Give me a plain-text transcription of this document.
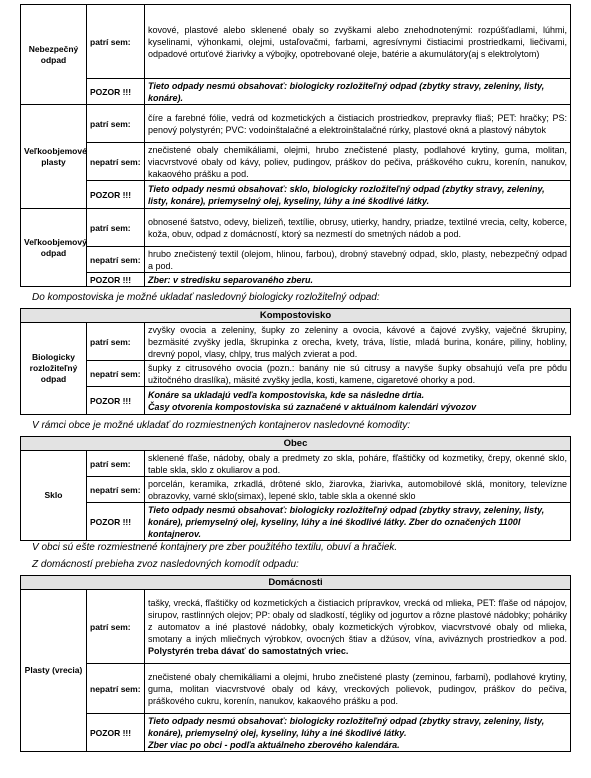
Nebezpečný odpad	patrí sem:	kovové, plastové alebo sklenené obaly so zvyškami alebo znehodnotenými: rozpúšťadlami, lúhmi, kyselinami, výhonkami, olejmi, ustaľovačmi, farbami, agresívnymi čistiacimi prostriedkami, liečivami, odpadové ortuťové žiarivky a výbojky, opotrebované oleje, batérie a akumulátory(aj s elektrolytom)
	POZOR !!!	Tieto odpady nesmú obsahovať: biologicky rozložiteľný odpad (zbytky stravy, zeleniny, listy, konáre).
Veľkoobjemové plasty	patrí sem:	číre a farebné fólie, vedrá od kozmetických a čistiacich prostriedkov, prepravky fliaš; PET: hračky; PS: penový polystyrén; PVC: vodoinštalačné a elektroinštalačné rúrky, plastové okná a plastový nábytok
	nepatrí sem:	znečistené obaly chemikáliami, olejmi, hrubo znečistené plasty, podlahové krytiny, guma, molitan, viacvrstvové obaly od kávy, poliev, pudingov, práškov do pečiva, práškového cukru, korenín, nanukov, kakaového prášku a pod.
	POZOR !!!	Tieto odpady nesmú obsahovať: sklo, biologicky rozložiteľný odpad (zbytky stravy, zeleniny, listy, konáre), priemyselný olej, kyseliny, lúhy a iné škodlivé látky.
Veľkoobjemový odpad	patrí sem:	obnosené šatstvo, odevy, bielizeň, textílie, obrusy, utierky, handry, priadze, textilné vrecia, celty, koberce, koža, obuv, odpad z domácností, ktorý sa nezmestí do smetných nádob a pod.
	nepatrí sem:	hrubo znečistený textil (olejom, hlinou, farbou), drobný stavebný odpad, sklo, plasty, nebezpečný odpad a pod.
	POZOR !!!	Zber: v stredisku separovaného zberu.

Do kompostoviska je možné ukladať nasledovný biologicky rozložiteľný odpad:

Kompostovisko		
Biologicky rozložiteľný odpad	patrí sem:	zvyšky ovocia a zeleniny, šupky zo zeleniny a ovocia, kávové a čajové zvyšky, vaječné škrupiny, bezmäsité zvyšky jedla, škrupinka z orecha, kvety, tráva, lístie, mladá burina, konáre, piliny, hobliny, drevný popol, vlasy, chlpy, trus malých zvierat a pod.
	nepatrí sem:	šupky z citrusového ovocia (pozn.: banány nie sú citrusy a navyše šupky obsahujú veľa pre pôdu užitočného draslíka), mäsité zvyšky jedla, kosti, kamene, cigaretové ohorky a pod.
	POZOR !!!	Konáre sa ukladajú vedľa kompostoviska, kde sa následne drtia.
Časy otvorenia kompostoviska sú zaznačené v aktuálnom kalendári vývozov

V rámci obce je možné ukladať do rozmiestnených kontajnerov nasledovné komodity:

Obec		
Sklo	patrí sem:	sklenené fľaše, nádoby, obaly a predmety zo skla, poháre, fľaštičky od kozmetiky, črepy, okenné sklo, table skla, sklo z okuliarov a pod.
	nepatrí sem:	porcelán, keramika, zrkadlá, drôtené sklo, žiarovka, žiarivka, automobilové sklá, monitory, televízne obrazovky, varné sklo(simax), lepené sklo, table skla a okenné sklo
	POZOR !!!	Tieto odpady nesmú obsahovať: biologicky rozložiteľný odpad (zbytky stravy, zeleniny, listy, konáre), priemyselný olej, kyseliny, lúhy a iné škodlivé látky. Zber do označených 1100l kontajnerov.

V obci sú ešte rozmiestnené kontajnery pre zber použitého textilu, obuví a hračiek.

Z domácností prebieha zvoz nasledovných komodít odpadu:

Domácnosti		
Plasty (vrecia)	patrí sem:	tašky, vrecká, fľaštičky od kozmetických a čistiacich prípravkov, vrecká od mlieka, PET: fľaše od nápojov, sirupov, rastlinných olejov; PP: obaly od sladkostí, tégliky od jogurtov a rôzne plastové nádobky; poháriky z automatov a iné plastové nádobky, obaly kozmetických výrobkov, viacvrstvové obaly od mlieka, smotany a iných mliečnych výrobkov, ovocných štiav a džúsov, vína, aviváznych prostriedkov a pod. Polystyrén treba dávať do samostatných vriec.
	nepatrí sem:	znečistené obaly chemikáliami a olejmi, hrubo znečistené plasty (zeminou, farbami), podlahové krytiny, guma, molitan viacvrstvové obaly od kávy, vreckových polievok, pudingov, práškov do pečiva, práškového cukru, korenín, nanukov, kakaového prášku a pod.
	POZOR !!!	Tieto odpady nesmú obsahovať: biologicky rozložiteľný odpad (zbytky stravy, zeleniny, listy, konáre), priemyselný olej, kyseliny, lúhy a iné škodlivé látky.
Zber viac po obci - podľa aktuálneho zberového kalendára.
